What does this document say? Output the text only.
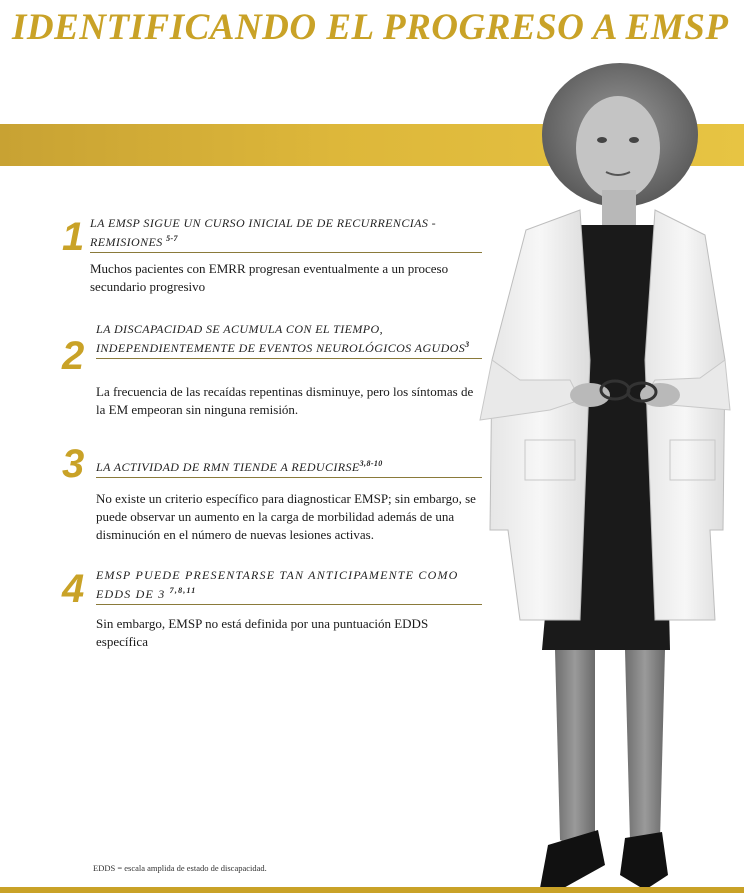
IDENTIFICANDO EL PROGRESO A EMSP
1 LA EMSP SIGUE UN CURSO INICIAL DE DE RECURRENCIAS - REMISIONES $^{5-7}$
Muchos pacientes con EMRR progresan eventualmente a un proceso secundario progresivo
2
LA DISCAPACIDAD SE ACUMULA CON EL TIEMPO, INDEPENDIENTEMENTE DE EVENTOS NEUROLÓGICOS AGUDOS$^3$
La frecuencia de las recaídas repentinas disminuye, pero los síntomas de la EM empeoran sin ninguna remisión.
3 LA ACTIVIDAD DE RMN TIENDE A REDUCIRSE$^{3,8-10}$
No existe un criterio específico para diagnosticar EMSP; sin embargo, se puede observar un aumento en la carga de morbilidad además de una disminución en el número de nuevas lesiones activas.
4 EMSP PUEDE PRESENTARSE TAN ANTICIPAMENTE COMO EDDS DE 3 $^{7,8,11}$
Sin embargo, EMSP no está definida por una puntuación EDDS específica
EDDS = escala amplida de estado de discapacidad.
